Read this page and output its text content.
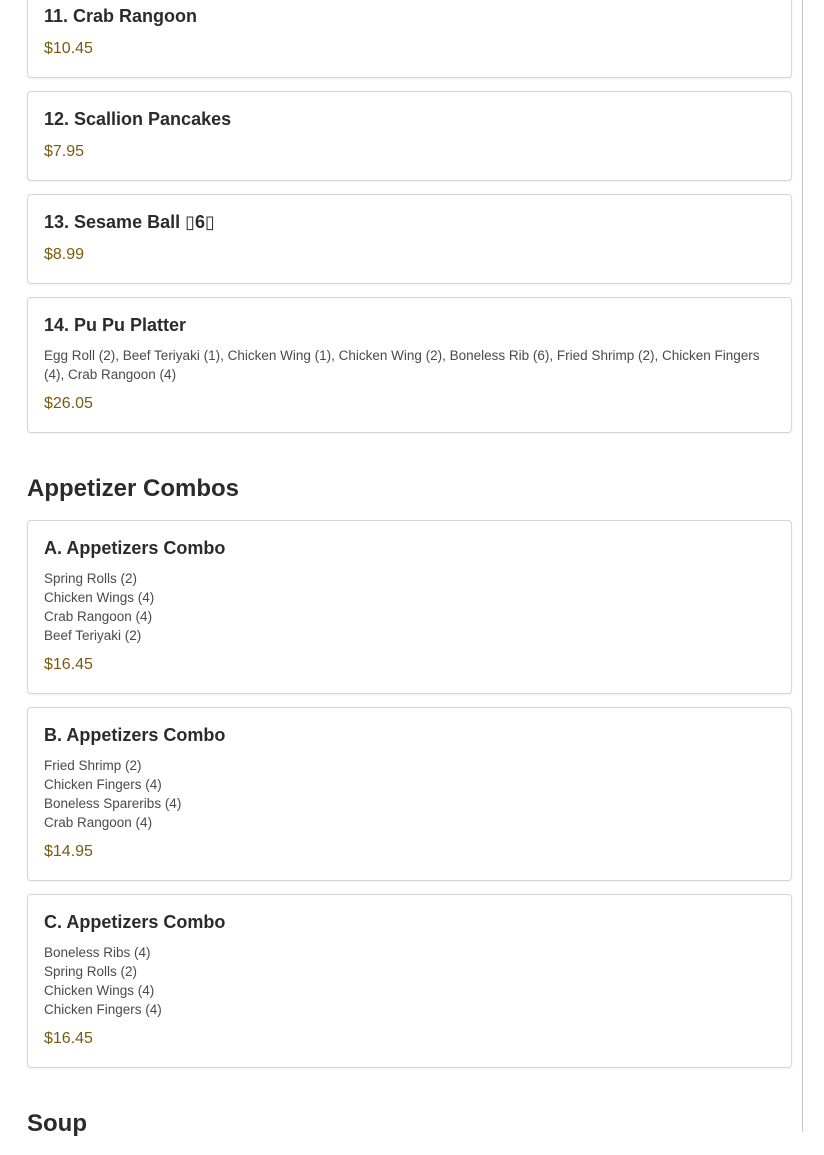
11. Crab Rangoon
$10.45
12. Scallion Pancakes
$7.95
13. Sesame Ball ▯6▯
$8.99
14. Pu Pu Platter
Egg Roll (2), Beef Teriyaki (1), Chicken Wing (1), Chicken Wing (2), Boneless Rib (6), Fried Shrimp (2), Chicken Fingers (4), Crab Rangoon (4)
$26.05
Appetizer Combos
A. Appetizers Combo
Spring Rolls (2)
Chicken Wings (4)
Crab Rangoon (4)
Beef Teriyaki (2)
$16.45
B. Appetizers Combo
Fried Shrimp (2)
Chicken Fingers (4)
Boneless Spareribs (4)
Crab Rangoon (4)
$14.95
C. Appetizers Combo
Boneless Ribs (4)
Spring Rolls (2)
Chicken Wings (4)
Chicken Fingers (4)
$16.45
Soup
